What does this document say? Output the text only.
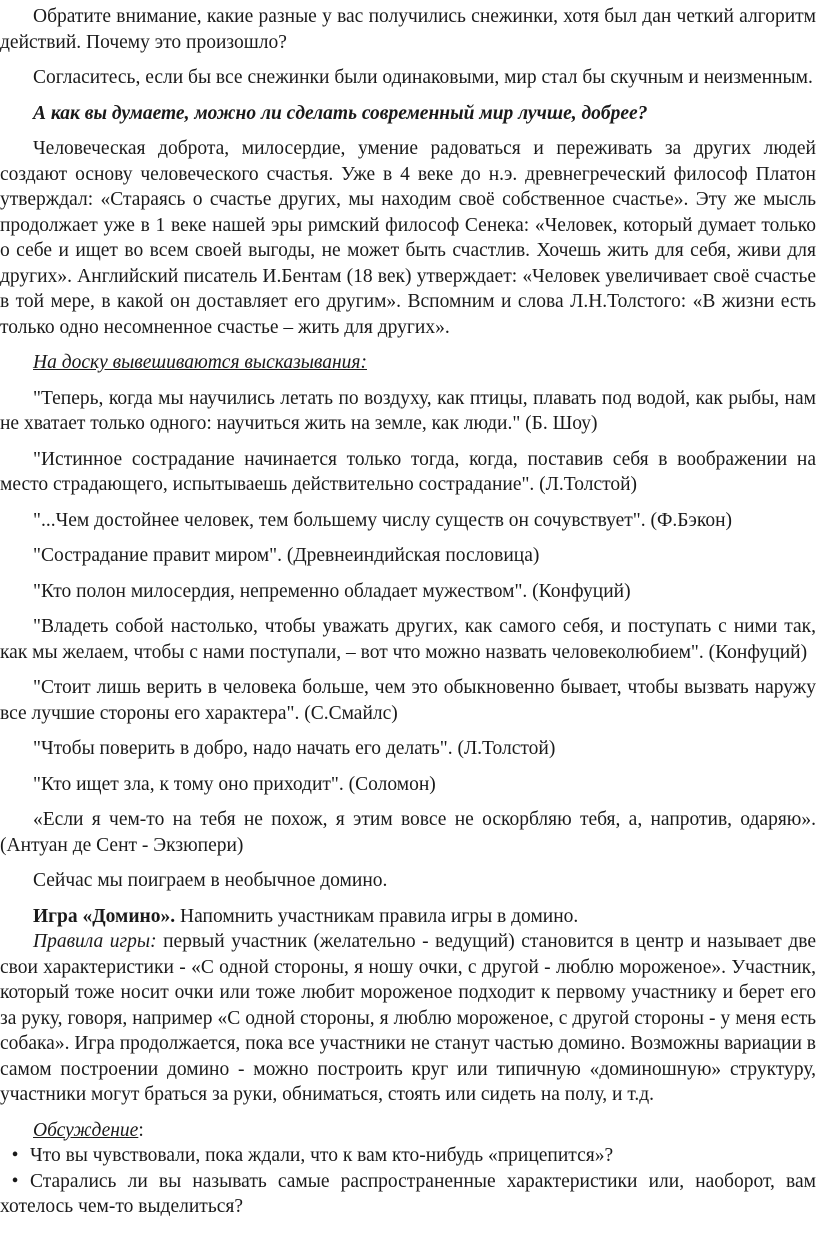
Обратите внимание, какие разные у вас получились снежинки, хотя был дан четкий алгоритм действий. Почему это произошло?

Согласитесь, если бы все снежинки были одинаковыми, мир стал бы скучным и неизменным.

А как вы думаете, можно ли сделать современный мир лучше, добрее?

Человеческая доброта, милосердие, умение радоваться и переживать за других людей создают основу человеческого счастья. Уже в 4 веке до н.э. древнегреческий философ Платон утверждал: «Стараясь о счастье других, мы находим своё собственное счастье». Эту же мысль продолжает уже в 1 веке нашей эры римский философ Сенека: «Человек, который думает только о себе и ищет во всем своей выгоды, не может быть счастлив. Хочешь жить для себя, живи для других». Английский писатель И.Бентам (18 век) утверждает: «Человек увеличивает своё счастье в той мере, в какой он доставляет его другим». Вспомним и слова Л.Н.Толстого: «В жизни есть только одно несомненное счастье – жить для других».

На доску вывешиваются высказывания:

"Теперь, когда мы научились летать по воздуху, как птицы, плавать под водой, как рыбы, нам не хватает только одного: научиться жить на земле, как люди." (Б. Шоу)

"Истинное сострадание начинается только тогда, когда, поставив себя в воображении на место страдающего, испытываешь действительно сострадание". (Л.Толстой)

"...Чем достойнее человек, тем большему числу существ он сочувствует". (Ф.Бэкон)

"Сострадание правит миром". (Древнеиндийская пословица)

"Кто полон милосердия, непременно обладает мужеством". (Конфуций)

"Владеть собой настолько, чтобы уважать других, как самого себя, и поступать с ними так, как мы желаем, чтобы с нами поступали, – вот что можно назвать человеколюбием". (Конфуций)

"Стоит лишь верить в человека больше, чем это обыкновенно бывает, чтобы вызвать наружу все лучшие стороны его характера". (С.Смайлс)

"Чтобы поверить в добро, надо начать его делать". (Л.Толстой)

"Кто ищет зла, к тому оно приходит". (Соломон)

«Если я чем-то на тебя не похож, я этим вовсе не оскорбляю тебя, а, напротив, одаряю». (Антуан де Сент - Экзюпери)

Сейчас мы поиграем в необычное домино.

Игра «Домино». Напомнить участникам правила игры в домино.

Правила игры: первый участник (желательно - ведущий) становится в центр и называет две свои характеристики - «С одной стороны, я ношу очки, с другой - люблю мороженое». Участник, который тоже носит очки или тоже любит мороженое подходит к первому участнику и берет его за руку, говоря, например «С одной стороны, я люблю мороженое, с другой стороны - у меня есть собака». Игра продолжается, пока все участники не станут частью домино. Возможны вариации в самом построении домино - можно построить круг или типичную «доминошную» структуру, участники могут браться за руки, обниматься, стоять или сидеть на полу, и т.д.

Обсуждение:

• Что вы чувствовали, пока ждали, что к вам кто-нибудь «прицепится»?

• Старались ли вы называть самые распространенные характеристики или, наоборот, вам хотелось чем-то выделиться?
